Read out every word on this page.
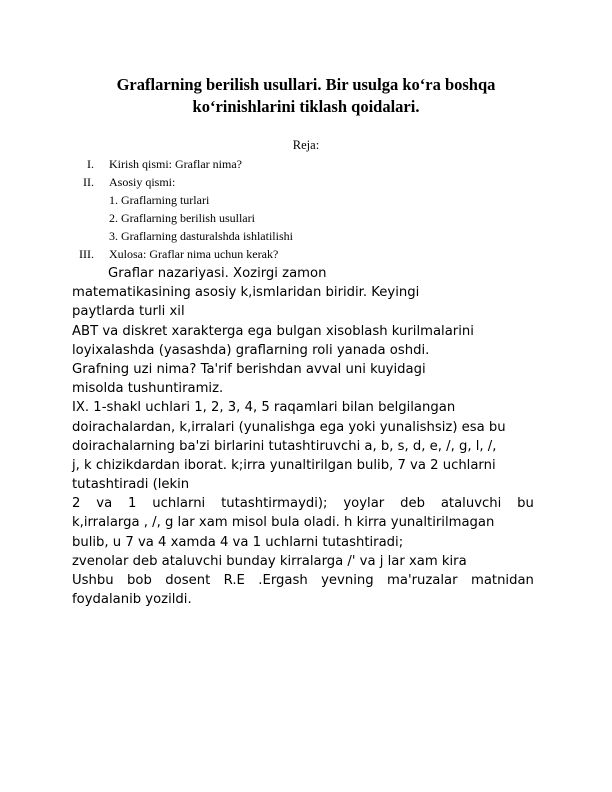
Graflarning berilish usullari. Bir usulga ko‘ra boshqa
ko‘rinishlarini tiklash qoidalari.
Reja:
I. Kirish qismi: Graflar nima?
II. Asosiy qismi:
1. Graflarning turlari
2. Graflarning berilish usullari
3. Graflarning dasturalshda ishlatilishi
III. Xulosa: Graflar nima uchun kerak?
Graflar nazariyasi. Xozirgi zamon
matematikasining asosiy k,ismlaridan biridir. Keyingi
paytlarda turli xil
ABT va diskret xarakterga ega bulgan xisoblash kurilmalarini
loyixalashda (yasashda) graflarning roli yanada oshdi.
Grafning uzi nima? Ta'rif berishdan avval uni kuyidagi
misolda tushuntiramiz.
IX. 1-shakl uchlari 1, 2, 3, 4, 5 raqamlari bilan belgilangan
doirachalardan, k,irralari (yunalishga ega yoki yunalishsiz) esa bu
doirachalarning ba'zi birlarini tutashtiruvchi a, b, s, d, e, /, g, l, /,
j, k chizikdardan iborat. k;irra yunaltirilgan bulib, 7 va 2 uchlarni
tutashtiradi (lekin
2 va 1 uchlarni tutashtirmaydi); yoylar deb ataluvchi bu
k,irralarga , /, g lar xam misol bula oladi. h kirra yunaltirilmagan
bulib, u 7 va 4 xamda 4 va 1 uchlarni tutashtiradi;
zvenolar deb ataluvchi bunday kirralarga /' va j lar xam kira
Ushbu bob dosent R.E .Ergash yevning ma'ruzalar matnidan
foydalanib yozildi.
